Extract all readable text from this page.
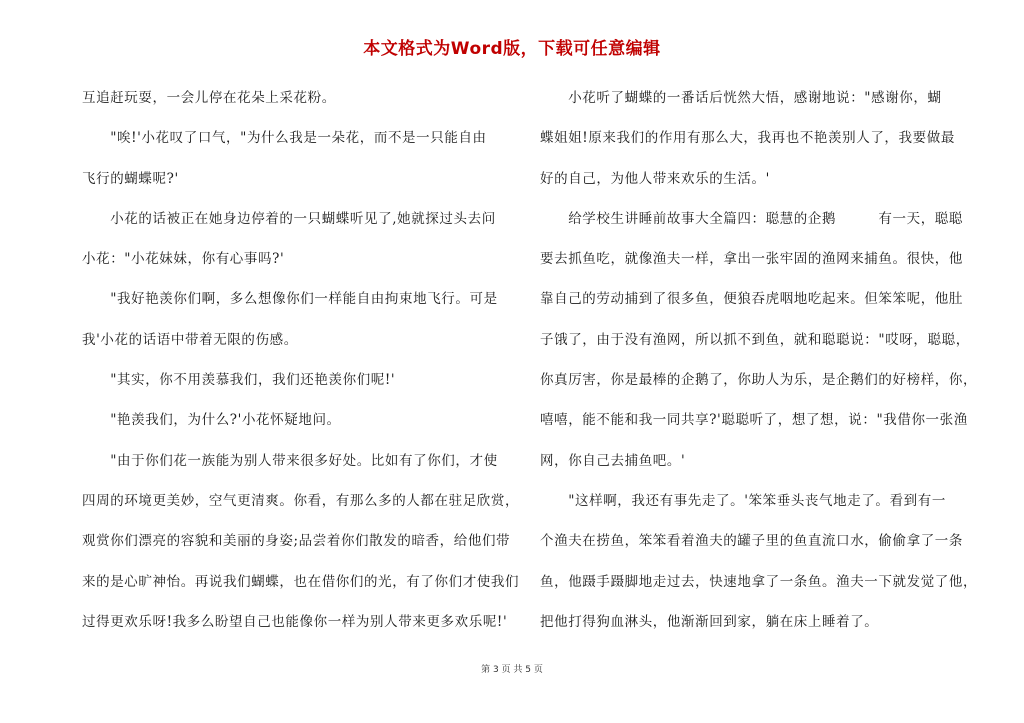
本文格式为Word版，下载可任意编辑
互追赶玩耍，一会儿停在花朵上采花粉。
　　"唉!'小花叹了口气，"为什么我是一朵花，而不是一只能自由
飞行的蝴蝶呢?'
　　小花的话被正在她身边停着的一只蝴蝶听见了,她就探过头去问
小花："小花妹妹，你有心事吗?'
　　"我好艳羡你们啊，多么想像你们一样能自由拘束地飞行。可是
我'小花的话语中带着无限的伤感。
　　"其实，你不用羡慕我们，我们还艳羡你们呢!'
　　"艳羡我们，为什么?'小花怀疑地问。
　　"由于你们花一族能为别人带来很多好处。比如有了你们，才使
四周的环境更美妙，空气更清爽。你看，有那么多的人都在驻足欣赏，
观赏你们漂亮的容貌和美丽的身姿;品尝着你们散发的暗香，给他们带
来的是心旷神怡。再说我们蝴蝶，也在借你们的光，有了你们才使我们
过得更欢乐呀!我多么盼望自己也能像你一样为别人带来更多欢乐呢!'
　　小花听了蝴蝶的一番话后恍然大悟，感谢地说："感谢你，蝴
蝶姐姐!原来我们的作用有那么大，我再也不艳羡别人了，我要做最
好的自己，为他人带来欢乐的生活。'
　　给学校生讲睡前故事大全篇四：聪慧的企鹅　　　有一天，聪聪
要去抓鱼吃，就像渔夫一样，拿出一张牢固的渔网来捕鱼。很快，他
靠自己的劳动捕到了很多鱼，便狼吞虎咽地吃起来。但笨笨呢，他肚
子饿了，由于没有渔网，所以抓不到鱼，就和聪聪说："哎呀，聪聪，
你真厉害，你是最棒的企鹅了，你助人为乐，是企鹅们的好榜样，你，
嘻嘻，能不能和我一同共享?'聪聪听了，想了想，说："我借你一张渔
网，你自己去捕鱼吧。'
　　"这样啊，我还有事先走了。'笨笨垂头丧气地走了。看到有一
个渔夫在捞鱼，笨笨看着渔夫的罐子里的鱼直流口水，偷偷拿了一条
鱼，他蹑手蹑脚地走过去，快速地拿了一条鱼。渔夫一下就发觉了他，
把他打得狗血淋头，他渐渐回到家，躺在床上睡着了。
第 3 页 共 5 页
